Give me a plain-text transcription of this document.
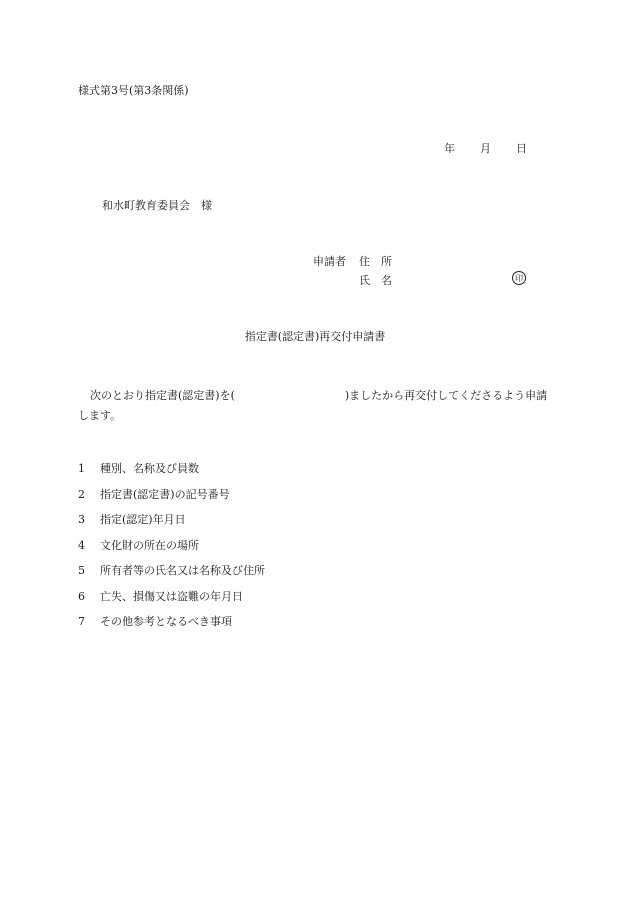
様式第3号(第3条関係)
年 月 日
和水町教育委員会　様
申請者 住　所
氏　名	印
指定書(認定書)再交付申請書
次のとおり指定書(認定書)を(	)ましたから再交付してくださるよう申請します。
1 種別、名称及び員数
2 指定書(認定書)の記号番号
3 指定(認定)年月日
4 文化財の所在の場所
5 所有者等の氏名又は名称及び住所
6 亡失、損傷又は盗難の年月日
7 その他参考となるべき事項
